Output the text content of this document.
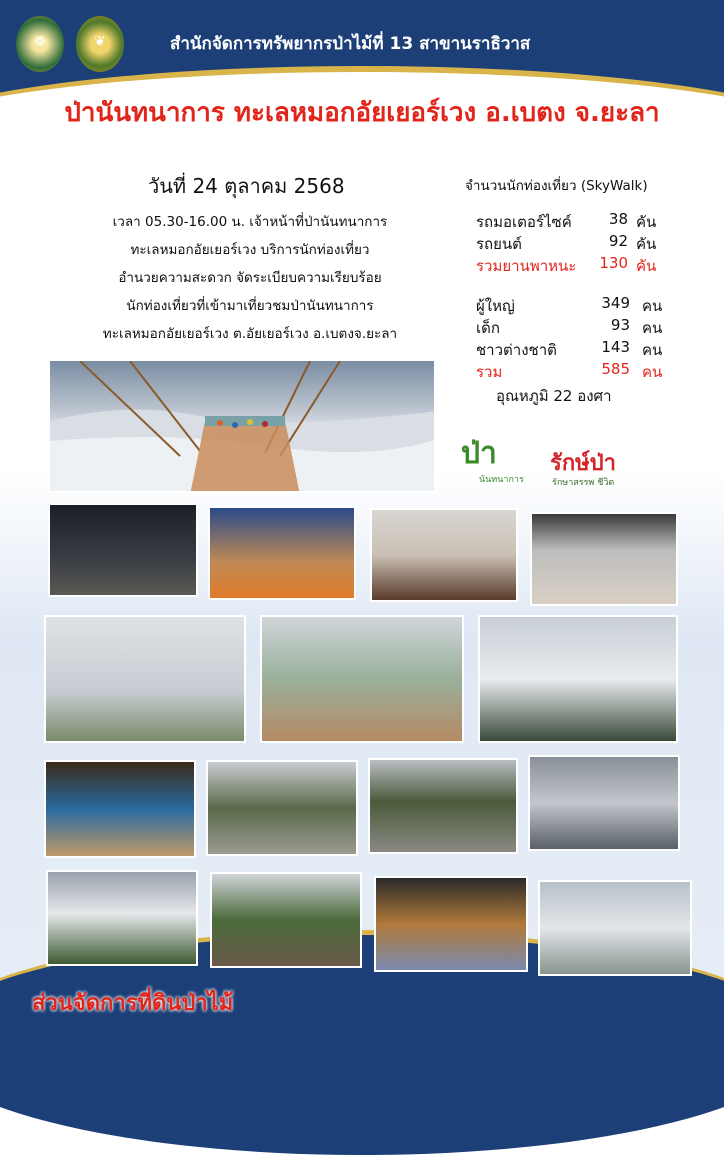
☸	❦	สำนักจัดการทรัพยากรป่าไม้ที่ 13 สาขานราธิวาส
ป่านันทนาการ ทะเลหมอกอัยเยอร์เวง อ.เบตง จ.ยะลา
วันที่ 24 ตุลาคม 2568
เวลา 05.30-16.00 น. เจ้าหน้าที่ป่านันทนาการ
ทะเลหมอกอัยเยอร์เวง บริการนักท่องเที่ยว
อำนวยความสะดวก จัดระเบียบความเรียบร้อย
นักท่องเที่ยวที่เข้ามาเที่ยวชมป่านันทนาการ
ทะเลหมอกอัยเยอร์เวง ต.อัยเยอร์เวง อ.เบตงจ.ยะลา
จำนวนนักท่องเที่ยว (SkyWalk)
รถมอเตอร์ไซค์	38 คัน
รถยนต์	92 คัน
รวมยานพาหนะ	130 คัน
ผู้ใหญ่	349 คน
เด็ก	93 คน
ชาวต่างชาติ	143 คน
รวม	585 คน
อุณหภูมิ 22 องศา
ป่า
นันทนาการ
รักษ์ป่า
รักษาสรรพ ชีวิต
ส่วนจัดการที่ดินป่าไม้
